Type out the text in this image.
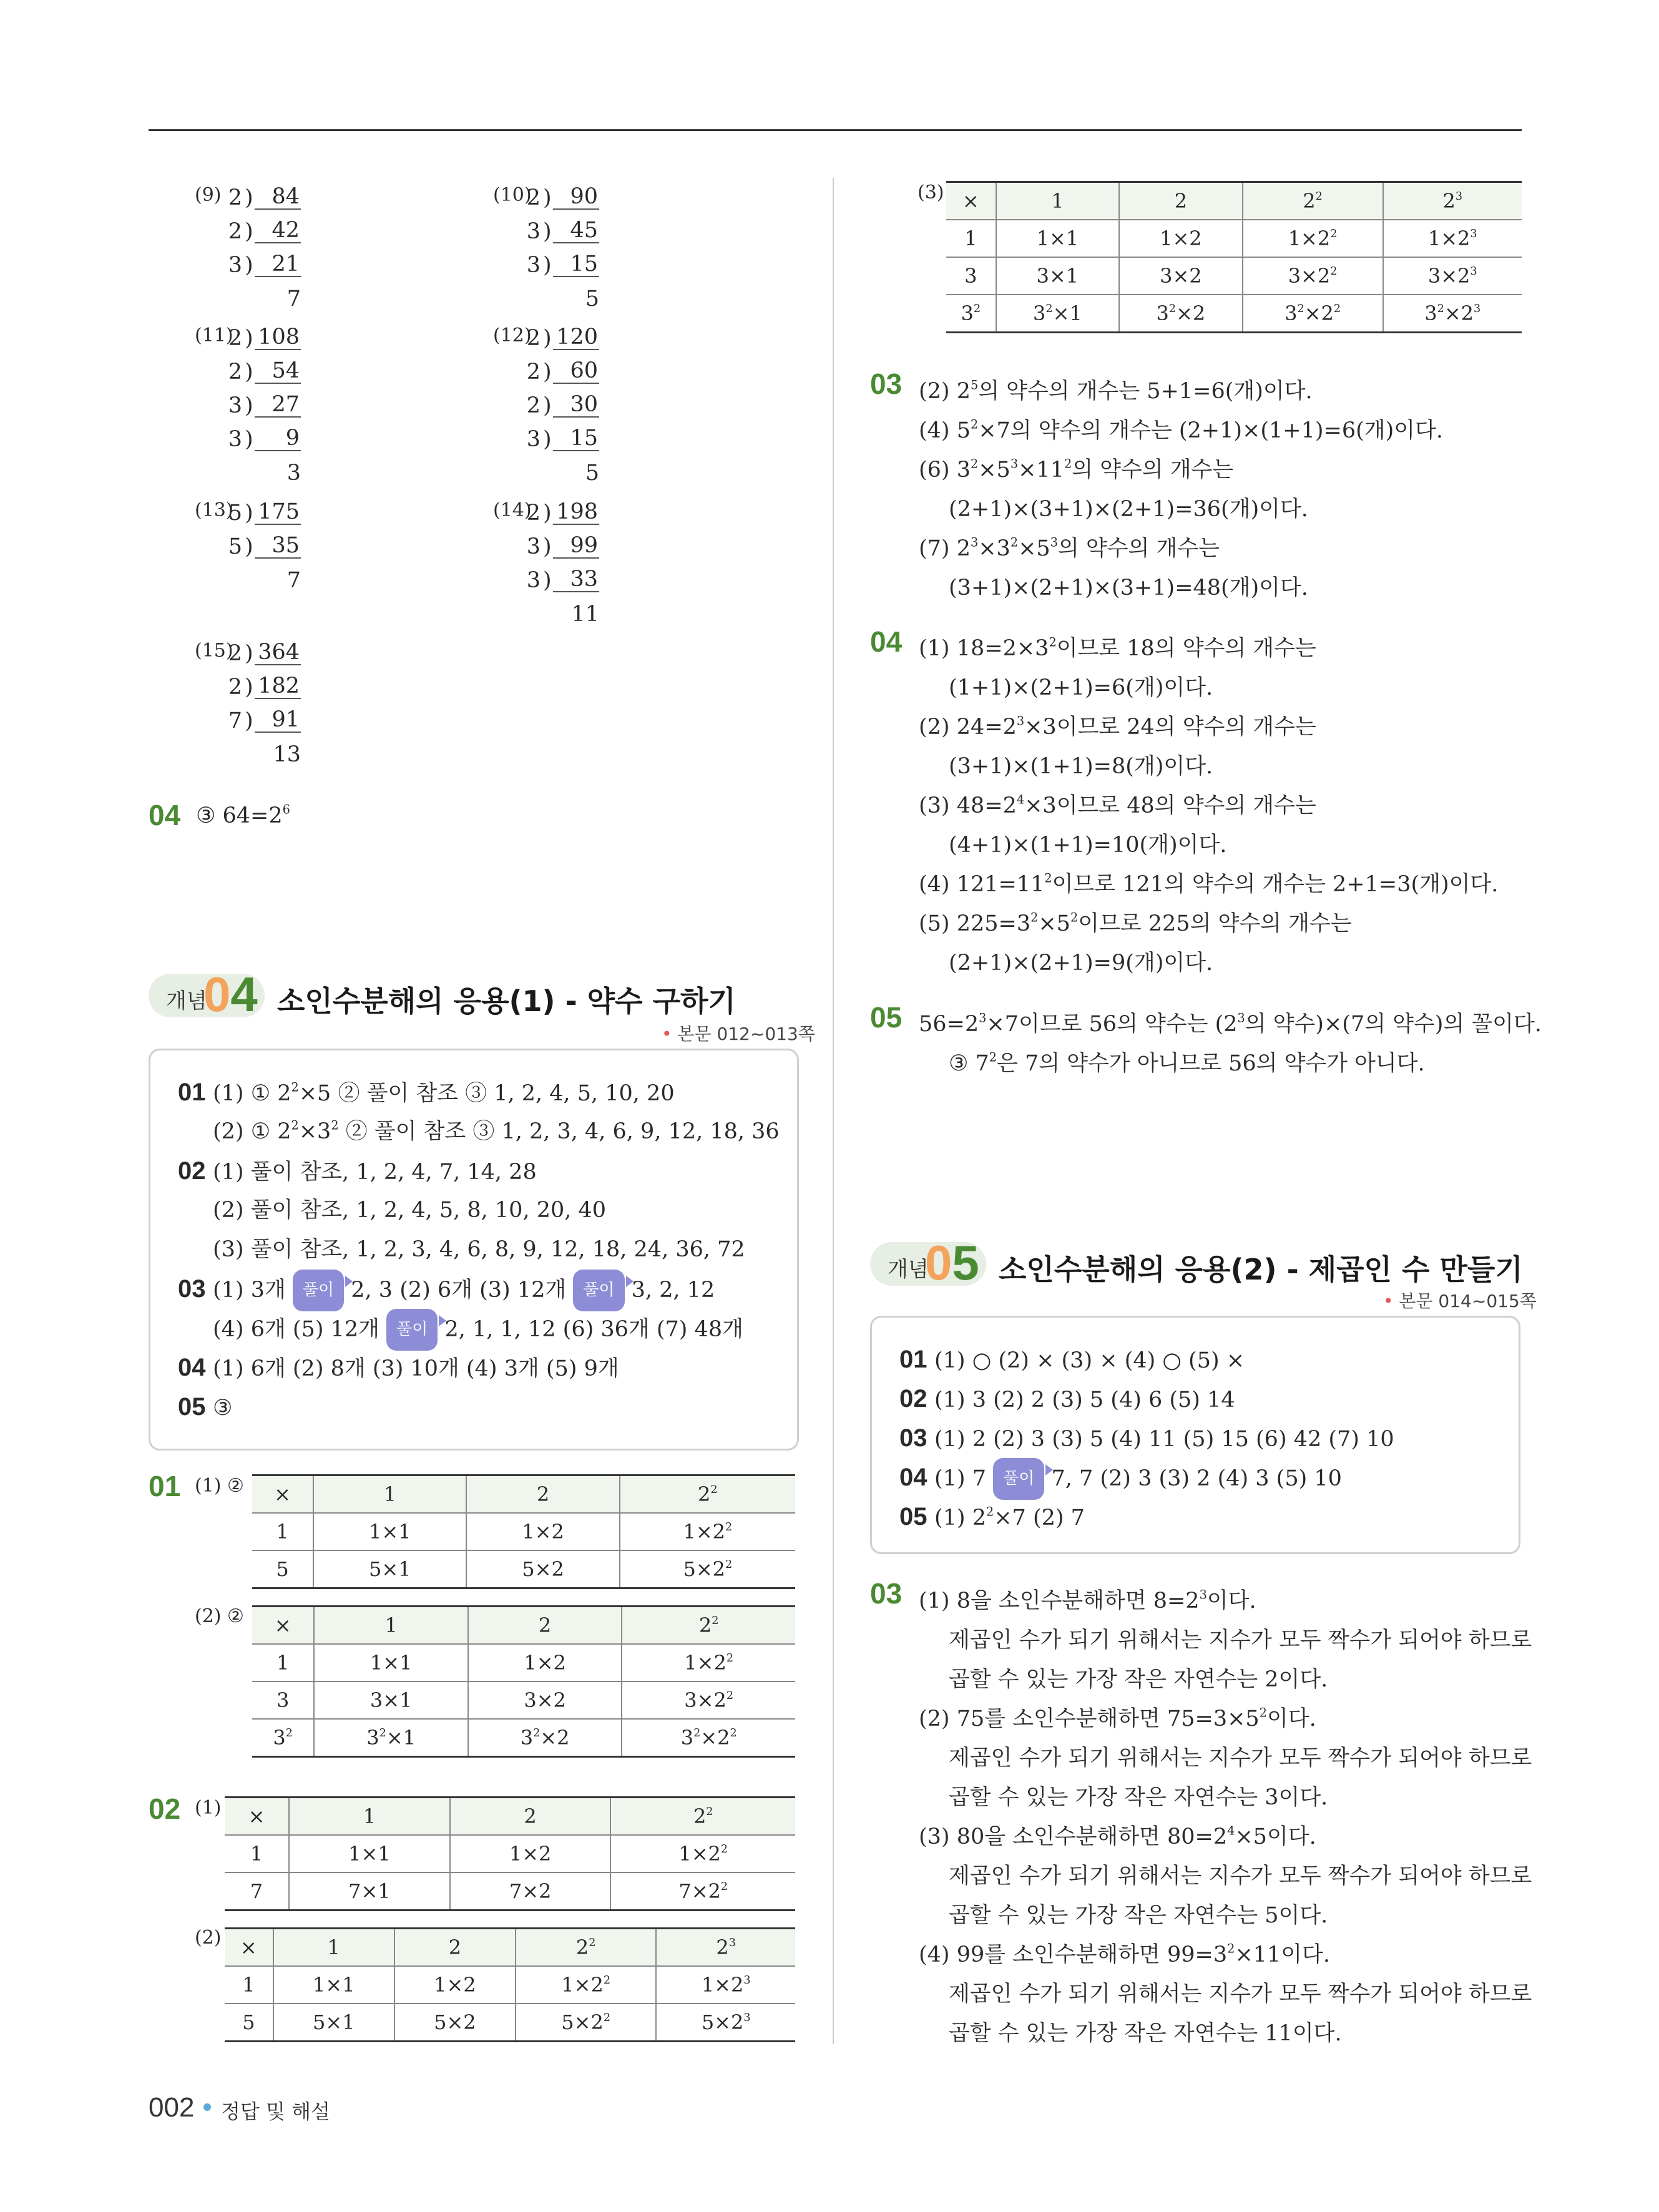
2 ) 84
2 ) 42
3 ) 21
7
2 ) 90
3 ) 45
3 ) 15
5
2 ) 108
2 ) 54
3 ) 27
3 )	9
3
2 ) 120
2 ) 60
2 ) 30
3 ) 15
5
5 ) 175
5 ) 35
7
2 ) 198
3 ) 99
3 ) 33
11
2 ) 364
2 ) 182
7 ) 91
13
04 ③ $64=2^6$
개념
04 소인수분해의 응용(1) - 약수 구하기
• 본문 012~013쪽
01 (1) ① $2^2\times 5$ ② 풀이 참조 ③ 1, 2, 4, 5, 10, 20
(2) ① $2^2\times 3^2$ ② 풀이 참조 ③ 1, 2, 3, 4, 6, 9, 12, 18, 36
02 (1) 풀이 참조, 1, 2, 4, 7, 14, 28
(2) 풀이 참조, 1, 2, 4, 5, 8, 10, 20, 40
(3) 풀이 참조, 1, 2, 3, 4, 6, 8, 9, 12, 18, 24, 36, 72
03 (1) 3개 풀이 2, 3 (2) 6개 (3) 12개 풀이 3, 2, 12
(4) 6개 (5) 12개 풀이 2, 1, 1, 12 (6) 36개 (7) 48개
04 (1) 6개 (2) 8개 (3) 10개 (4) 3개 (5) 9개
05 ③
01 (1) ② ×	1	2	$2^2$
1	1×1	1×2	$1\times 2^2$
5	5×1	5×2	$5\times 2^2$
(2) ② ×	1	2	$2^2$
1	1×1	1×2	$1\times 2^2$
3	3×1	3×2	$3\times 2^2$
$3^2$	$3^2\times 1$	$3^2\times 2$	$3^2\times 2^2$
02 (1) ×	1	2	$2^2$
1	1×1	1×2	$1\times 2^2$
7	7×1	7×2	$7\times 2^2$
(2) ×	1	2	$2^2$	$2^3$
1	1×1	1×2	$1\times 2^2$	$1\times 2^3$
5	5×1	5×2	$5\times 2^2$	$5\times 2^3$
(3) ×	1	2	$2^2$	$2^3$
1	1×1	1×2	$1\times 2^2$	$1\times 2^3$
3	3×1	3×2	$3\times 2^2$	$3\times 2^3$
$3^2$	$3^2\times 1$	$3^2\times 2$	$3^2\times 2^2$	$3^2\times 2^3$
03 (2) $2^5$의 약수의 개수는 5+1=6(개)이다.
(4) $5^2\times 7$의 약수의 개수는 (2+1)×(1+1)=6(개)이다.
(6) $3^2\times 5^3\times 11^2$의 약수의 개수는
(2+1)×(3+1)×(2+1)=36(개)이다.
(7) $2^3\times 3^2\times 5^3$의 약수의 개수는
(3+1)×(2+1)×(3+1)=48(개)이다.
04 (1) $18=2\times 3^2$이므로 18의 약수의 개수는
(1+1)×(2+1)=6(개)이다.
(2) $24=2^3\times 3$이므로 24의 약수의 개수는
(3+1)×(1+1)=8(개)이다.
(3) $48=2^4\times 3$이므로 48의 약수의 개수는
(4+1)×(1+1)=10(개)이다.
(4) $121=11^2$이므로 121의 약수의 개수는 2+1=3(개)이다.
(5) $225=3^2\times 5^2$이므로 225의 약수의 개수는
(2+1)×(2+1)=9(개)이다.
05 $56=2^3\times 7$이므로 56의 약수는 ($2^3$의 약수)×(7의 약수)의 꼴이다.
③ $7^2$은 7의 약수가 아니므로 56의 약수가 아니다.
개념
05 소인수분해의 응용(2) - 제곱인 수 만들기
• 본문 014~015쪽
01 (1) ○ (2) × (3) × (4) ○ (5) ×
02 (1) 3 (2) 2 (3) 5 (4) 6 (5) 14
03 (1) 2 (2) 3 (3) 5 (4) 11 (5) 15 (6) 42 (7) 10
04 (1) 7 풀이 7, 7 (2) 3 (3) 2 (4) 3 (5) 10
05 (1) $2^2\times 7$ (2) 7
03 (1) 8을 소인수분해하면 $8=2^3$이다.
제곱인 수가 되기 위해서는 지수가 모두 짝수가 되어야 하므로
곱할 수 있는 가장 작은 자연수는 2이다.
(2) 75를 소인수분해하면 $75=3\times 5^2$이다.
제곱인 수가 되기 위해서는 지수가 모두 짝수가 되어야 하므로
곱할 수 있는 가장 작은 자연수는 3이다.
(3) 80을 소인수분해하면 $80=2^4\times 5$이다.
제곱인 수가 되기 위해서는 지수가 모두 짝수가 되어야 하므로
곱할 수 있는 가장 작은 자연수는 5이다.
(4) 99를 소인수분해하면 $99=3^2\times 11$이다.
제곱인 수가 되기 위해서는 지수가 모두 짝수가 되어야 하므로
곱할 수 있는 가장 작은 자연수는 11이다.
002 정답 및 해설
(9)	(10)
(11)	(12)
(13)	(14)
(15)
